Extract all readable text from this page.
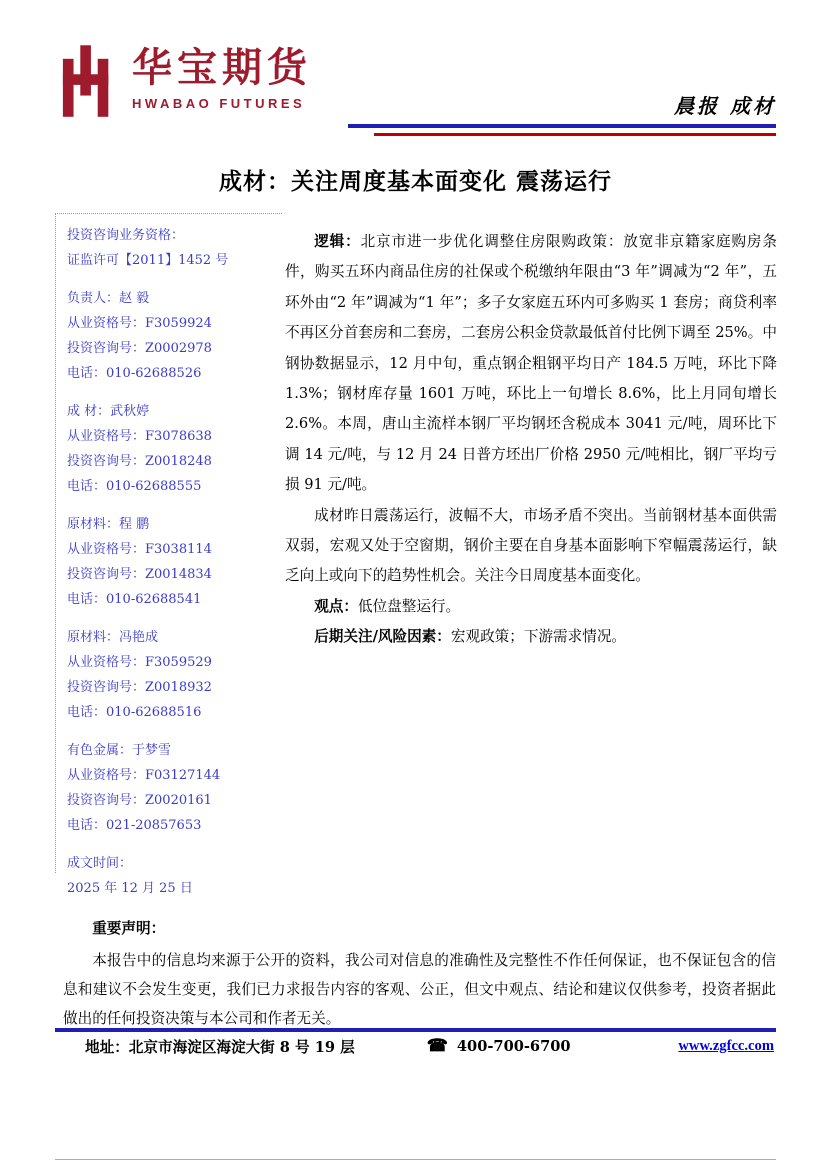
华宝期货
HWABAO FUTURES	晨报 成材
成材：关注周度基本面变化 震荡运行
投资咨询业务资格：
证监许可【2011】1452 号
负责人：赵 毅
从业资格号：F3059924
投资咨询号：Z0002978
电话：010-62688526
成 材：武秋婷
从业资格号：F3078638
投资咨询号：Z0018248
电话：010-62688555
原材料：程 鹏
从业资格号：F3038114
投资咨询号：Z0014834
电话：010-62688541
原材料：冯艳成
从业资格号：F3059529
投资咨询号：Z0018932
电话：010-62688516
有色金属：于梦雪
从业资格号：F03127144
投资咨询号：Z0020161
电话：021-20857653
成文时间：
2025 年 12 月 25 日

逻辑：北京市进一步优化调整住房限购政策：放宽非京籍家庭购房条件，购买五环内商品住房的社保或个税缴纳年限由“3 年”调减为“2 年”，五环外由“2 年”调减为“1 年”；多子女家庭五环内可多购买 1 套房；商贷利率不再区分首套房和二套房，二套房公积金贷款最低首付比例下调至 25%。中钢协数据显示，12 月中旬，重点钢企粗钢平均日产 184.5 万吨，环比下降 1.3%；钢材库存量 1601 万吨，环比上一旬增长 8.6%，比上月同旬增长 2.6%。本周，唐山主流样本钢厂平均钢坯含税成本 3041 元/吨，周环比下调 14 元/吨，与 12 月 24 日普方坯出厂价格 2950 元/吨相比，钢厂平均亏损 91 元/吨。

成材昨日震荡运行，波幅不大，市场矛盾不突出。当前钢材基本面供需双弱，宏观又处于空窗期，钢价主要在自身基本面影响下窄幅震荡运行，缺乏向上或向下的趋势性机会。关注今日周度基本面变化。

观点：低位盘整运行。

后期关注/风险因素：宏观政策；下游需求情况。

重要声明：

本报告中的信息均来源于公开的资料，我公司对信息的准确性及完整性不作任何保证，也不保证包含的信息和建议不会发生变更，我们已力求报告内容的客观、公正，但文中观点、结论和建议仅供参考，投资者据此做出的任何投资决策与本公司和作者无关。

地址：北京市海淀区海淀大街 8 号 19 层	☎ 400-700-6700	www.zgfcc.com
